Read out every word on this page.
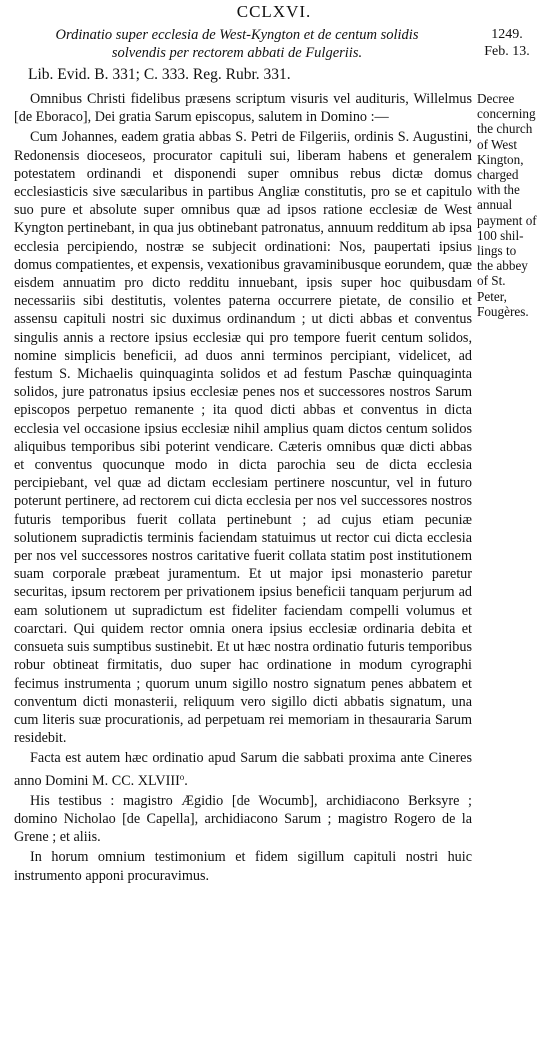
CCLXVI.
Ordinatio super ecclesia de West-Kyngton et de centum solidis
solvendis per rectorem abbati de Fulgeriis.
1249.
Feb. 13.
Lib. Evid. B. 331; C. 333. Reg. Rubr. 331.

Omnibus Christi fidelibus præsens scriptum visuris vel audituris, Willelmus [de Eboraco], Dei gratia Sarum episcopus, salutem in Domino :—

Cum Johannes, eadem gratia abbas S. Petri de Filgeriis, ordinis S. Augustini, Redonensis dioceseos, procurator capituli sui, liberam habens et generalem potestatem ordinandi et disponendi super omnibus rebus dictæ domus ecclesiasticis sive sæcularibus in partibus Angliæ constitutis, pro se et capitulo suo pure et absolute super omnibus quæ ad ipsos ratione ecclesiæ de West Kyngton pertinebant, in qua jus obtinebant patronatus, annuum redditum ab ipsa ecclesia percipiendo, nostræ se subjecit ordinationi: Nos, paupertati ipsius domus compatientes, et expensis, vexationibus gravaminibusque eorundem, quæ eisdem annuatim pro dicto redditu innuebant, ipsis super hoc quibusdam necessariis sibi destitutis, volentes paterna occurrere pietate, de consilio et assensu capituli nostri sic duximus ordinandum ; ut dicti abbas et conventus singulis annis a rectore ipsius ecclesiæ qui pro tempore fuerit centum solidos, nomine simplicis beneficii, ad duos anni terminos percipiant, videlicet, ad festum S. Michaelis quinquaginta solidos et ad festum Paschæ quinquaginta solidos, jure patronatus ipsius ecclesiæ penes nos et successores nostros Sarum episcopos perpetuo remanente ; ita quod dicti abbas et conventus in dicta ecclesia vel occasione ipsius ecclesiæ nihil amplius quam dictos centum solidos aliquibus temporibus sibi poterint vendicare. Cæteris omnibus quæ dicti abbas et conventus quocunque modo in dicta parochia seu de dicta ecclesia percipiebant, vel quæ ad dictam ecclesiam pertinere noscuntur, vel in futuro poterunt pertinere, ad rectorem cui dicta ecclesia per nos vel successores nostros futuris temporibus fuerit collata pertinebunt ; ad cujus etiam pecuniæ solutionem supradictis terminis faciendam statuimus ut rector cui dicta ecclesia per nos vel successores nostros caritative fuerit collata statim post institutionem suam corporale præbeat juramentum. Et ut major ipsi monasterio paretur securitas, ipsum rectorem per privationem ipsius beneficii tanquam perjurum ad eam solutionem ut supradictum est fideliter faciendam compelli volumus et coarctari. Qui quidem rector omnia onera ipsius ecclesiæ ordinaria debita et consueta suis sumptibus sustinebit. Et ut hæc nostra ordinatio futuris temporibus robur obtineat firmitatis, duo super hac ordinatione in modum cyrographi fecimus instrumenta ; quorum unum sigillo nostro signatum penes abbatem et conventum dicti monasterii, reliquum vero sigillo dicti abbatis signatum, una cum literis suæ procurationis, ad perpetuam rei memoriam in thesauraria Sarum residebit.

Facta est autem hæc ordinatio apud Sarum die sabbati proxima ante Cineres anno Domini M. CC. XLVIII$^o$.

His testibus : magistro Ægidio [de Wocumb], archidiacono Berksyre ; domino Nicholao [de Capella], archidiacono Sarum ; magistro Rogero de la Grene ; et aliis.

In horum omnium testimonium et fidem sigillum capituli nostri huic instrumento apponi procuravimus.

Decree
concerning
the church
of West
Kington,
charged
with the
annual
payment of
100 shil-
lings to
the abbey
of St.
Peter,
Fougères.
